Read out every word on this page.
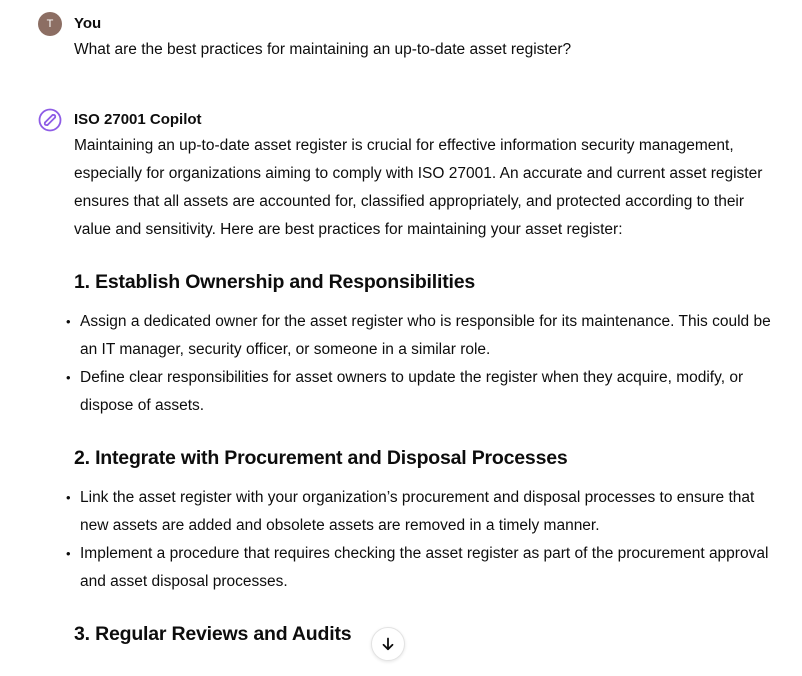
T	You
What are the best practices for maintaining an up-to-date asset register?
ISO 27001 Copilot

Maintaining an up-to-date asset register is crucial for effective information security management, especially for organizations aiming to comply with ISO 27001. An accurate and current asset register ensures that all assets are accounted for, classified appropriately, and protected according to their value and sensitivity. Here are best practices for maintaining your asset register:

1. Establish Ownership and Responsibilities
• Assign a dedicated owner for the asset register who is responsible for its maintenance. This could be an IT manager, security officer, or someone in a similar role.
• Define clear responsibilities for asset owners to update the register when they acquire, modify, or dispose of assets.
2. Integrate with Procurement and Disposal Processes
• Link the asset register with your organization’s procurement and disposal processes to ensure that new assets are added and obsolete assets are removed in a timely manner.
• Implement a procedure that requires checking the asset register as part of the procurement approval and asset disposal processes.
3. Regular Reviews and Audits
